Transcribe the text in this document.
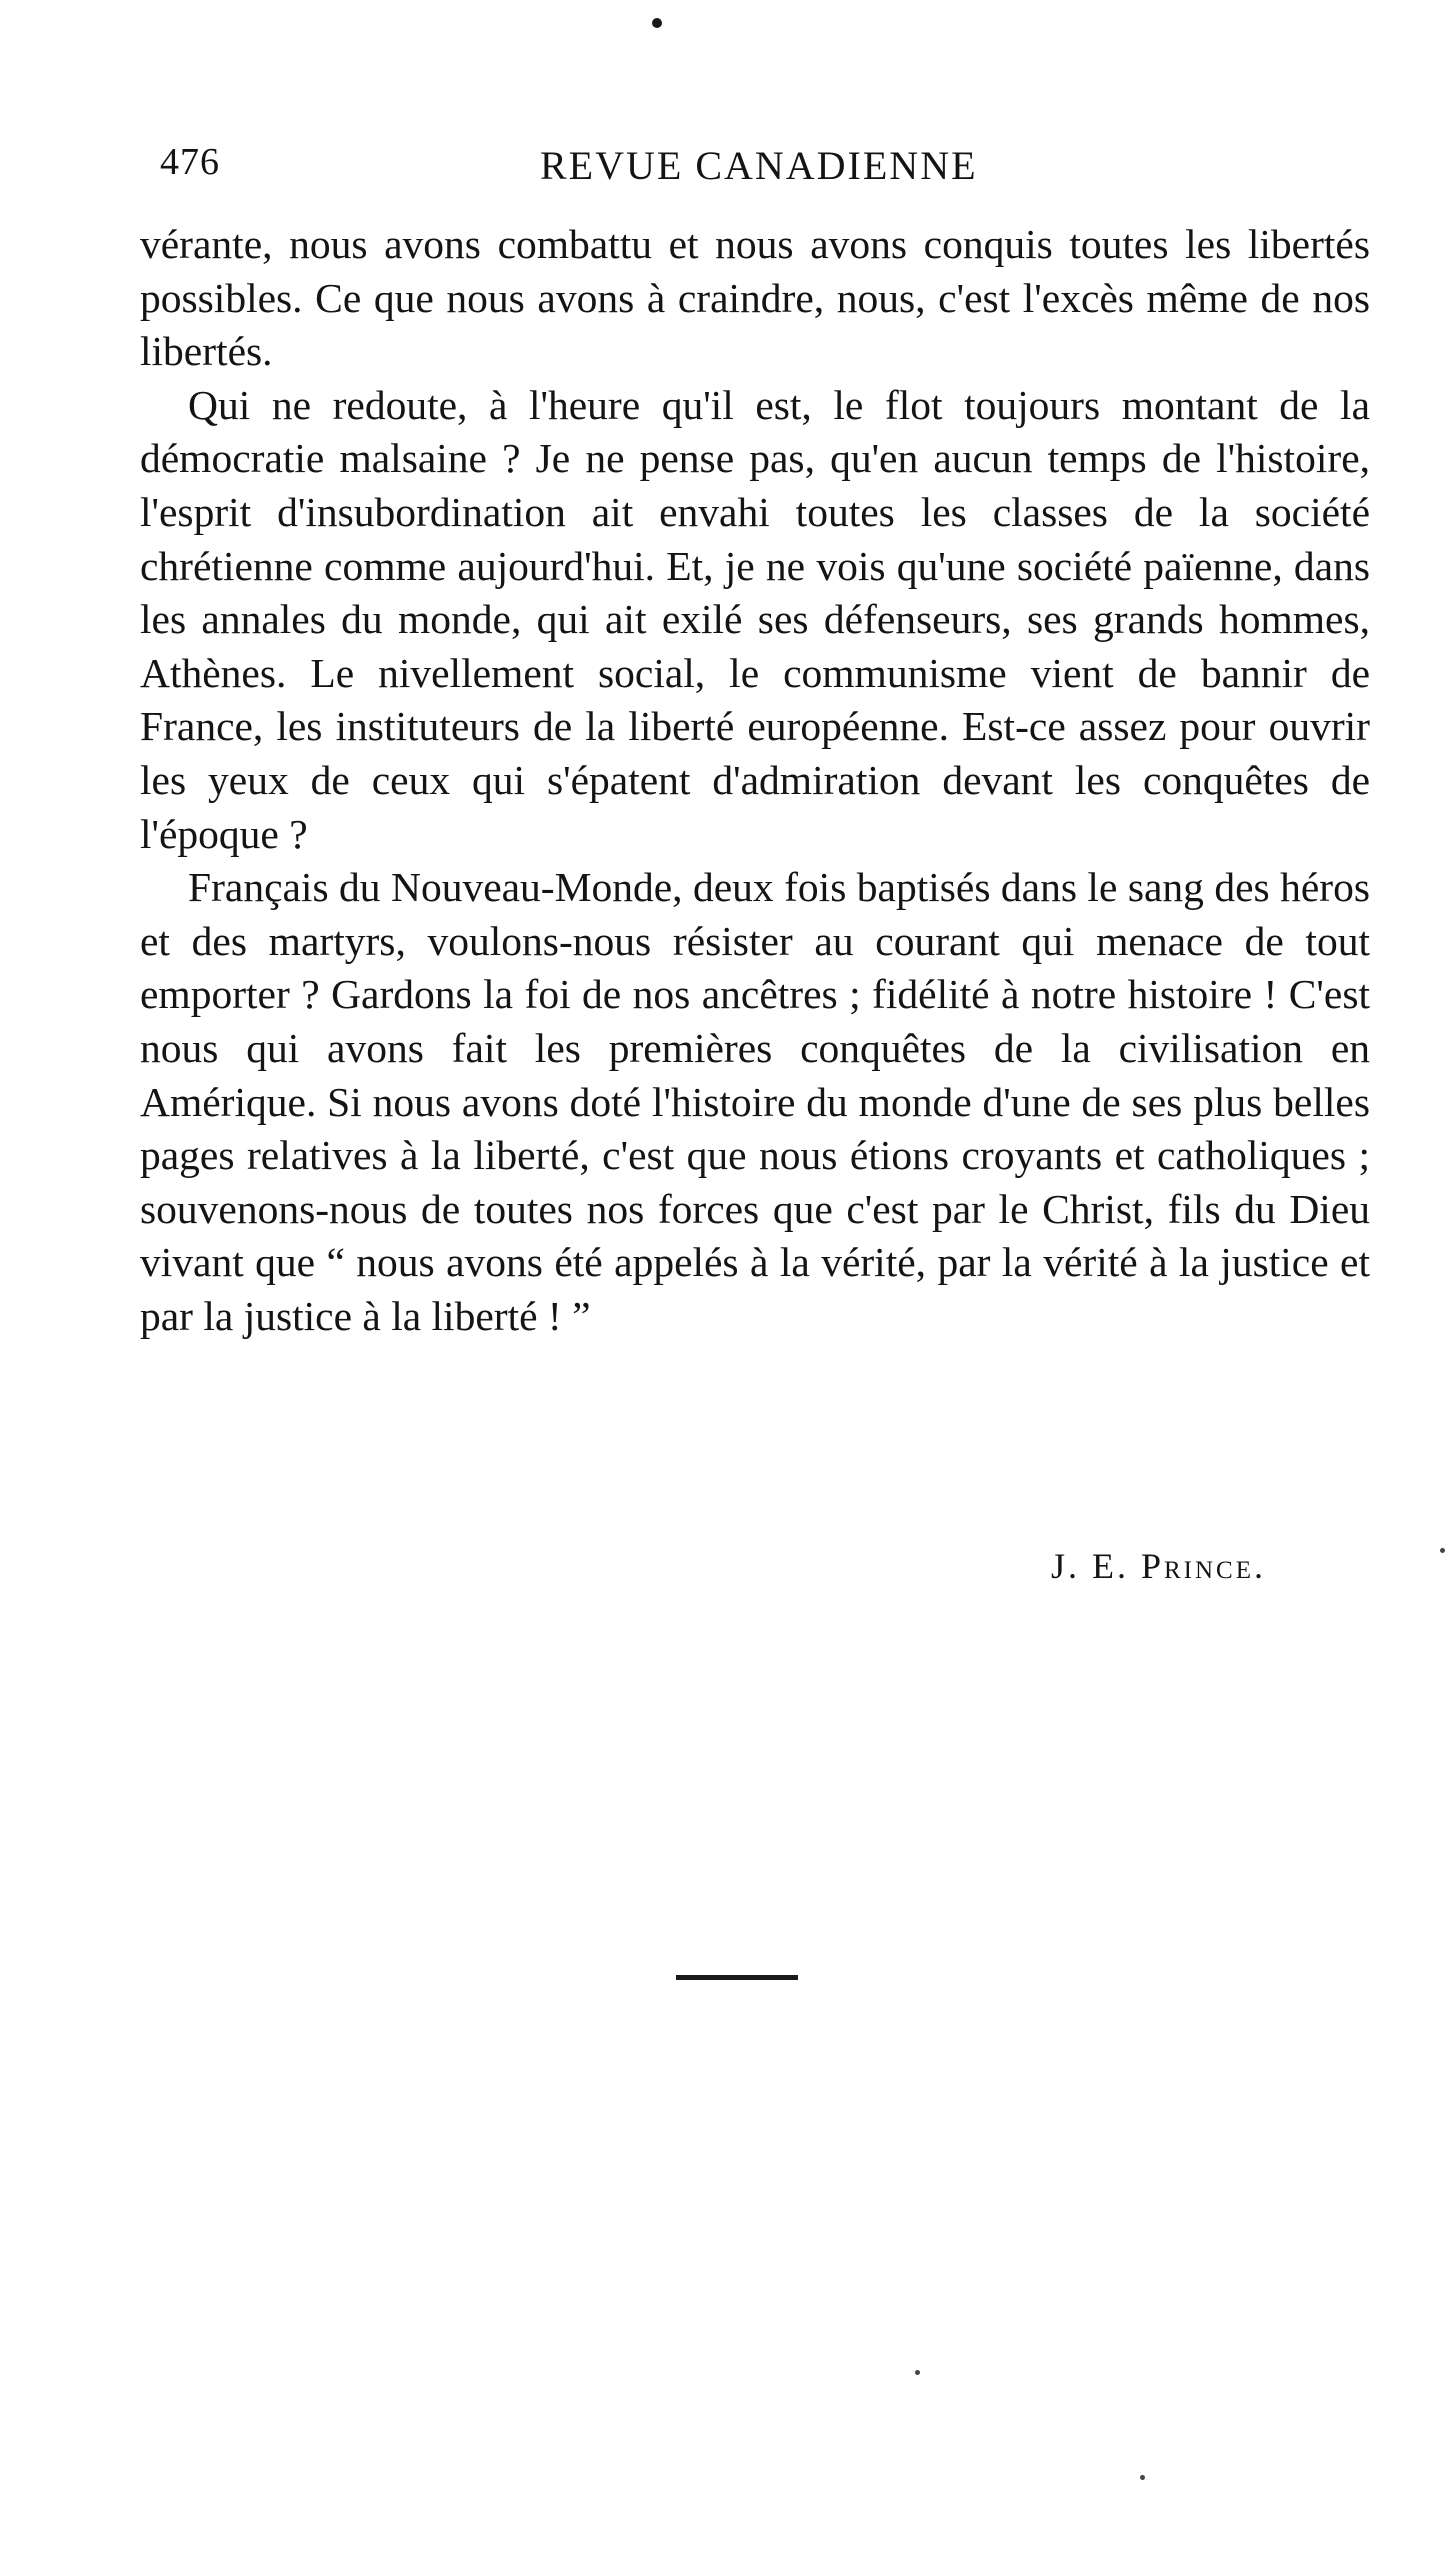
476	REVUE CANADIENNE

vérante, nous avons combattu et nous avons conquis toutes les libertés possibles. Ce que nous avons à craindre, nous, c'est l'excès même de nos libertés.

Qui ne redoute, à l'heure qu'il est, le flot toujours montant de la démocratie malsaine ? Je ne pense pas, qu'en aucun temps de l'histoire, l'esprit d'insubordination ait envahi toutes les classes de la société chrétienne comme aujourd'hui. Et, je ne vois qu'une société païenne, dans les annales du monde, qui ait exilé ses défenseurs, ses grands hommes, Athènes. Le nivellement social, le communisme vient de bannir de France, les instituteurs de la liberté européenne. Est-ce assez pour ouvrir les yeux de ceux qui s'épatent d'admiration devant les conquêtes de l'époque ?

Français du Nouveau-Monde, deux fois baptisés dans le sang des héros et des martyrs, voulons-nous résister au courant qui menace de tout emporter ? Gardons la foi de nos ancêtres ; fidélité à notre histoire ! C'est nous qui avons fait les premières conquêtes de la civilisation en Amérique. Si nous avons doté l'histoire du monde d'une de ses plus belles pages relatives à la liberté, c'est que nous étions croyants et catholiques ; souvenons-nous de toutes nos forces que c'est par le Christ, fils du Dieu vivant que “ nous avons été appelés à la vérité, par la vérité à la justice et par la justice à la liberté ! ”

J. E. Prince.
